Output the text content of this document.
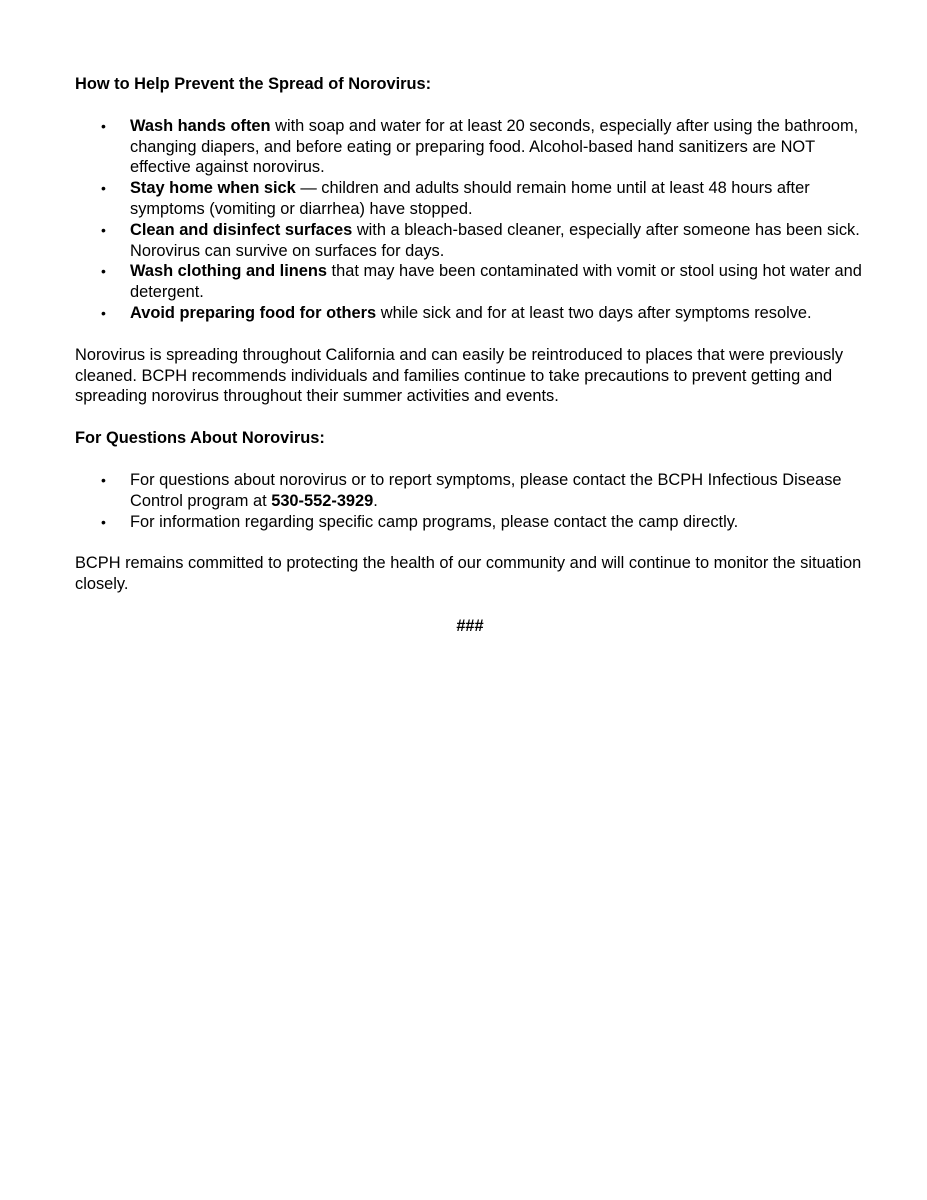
How to Help Prevent the Spread of Norovirus:

• Wash hands often with soap and water for at least 20 seconds, especially after using the bathroom, changing diapers, and before eating or preparing food. Alcohol-based hand sanitizers are NOT effective against norovirus.
• Stay home when sick — children and adults should remain home until at least 48 hours after symptoms (vomiting or diarrhea) have stopped.
• Clean and disinfect surfaces with a bleach-based cleaner, especially after someone has been sick. Norovirus can survive on surfaces for days.
• Wash clothing and linens that may have been contaminated with vomit or stool using hot water and detergent.
• Avoid preparing food for others while sick and for at least two days after symptoms resolve.

Norovirus is spreading throughout California and can easily be reintroduced to places that were previously cleaned. BCPH recommends individuals and families continue to take precautions to prevent getting and spreading norovirus throughout their summer activities and events.

For Questions About Norovirus:

• For questions about norovirus or to report symptoms, please contact the BCPH Infectious Disease Control program at 530-552-3929.
• For information regarding specific camp programs, please contact the camp directly.

BCPH remains committed to protecting the health of our community and will continue to monitor the situation closely.

###
